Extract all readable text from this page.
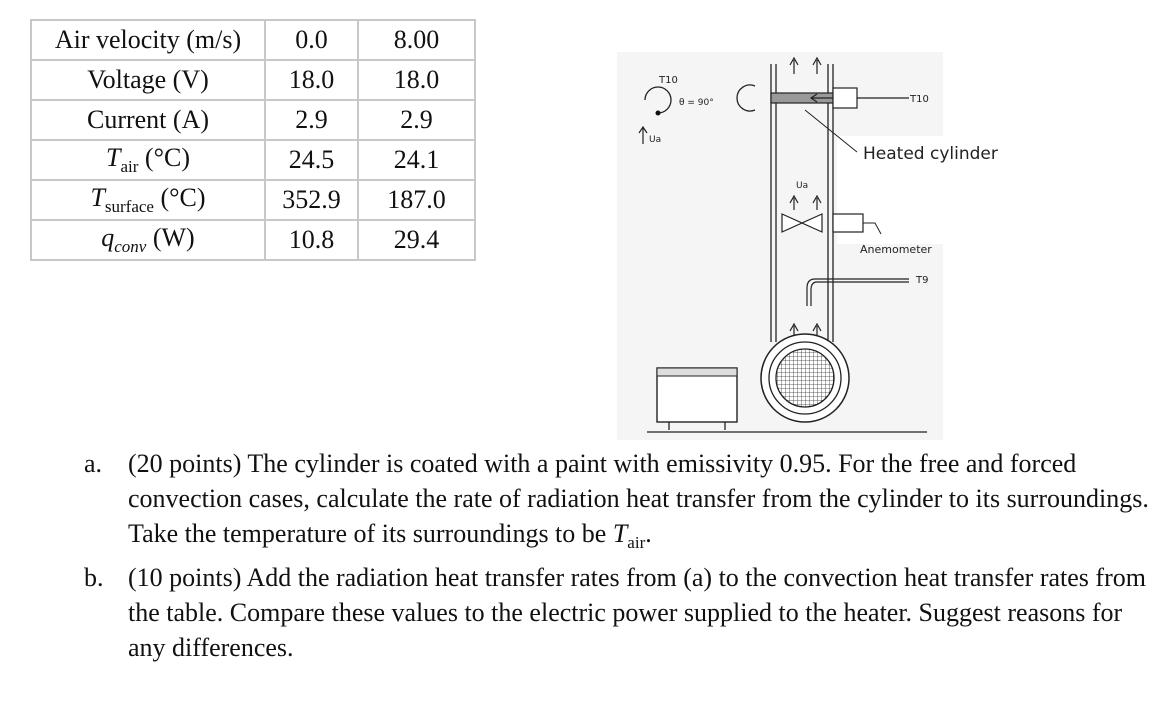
Air velocity (m/s)	0.0	8.00
Voltage (V)	18.0	18.0
Current (A)	2.9	2.9
$T_{air}$ (°C)	24.5	24.1
$T_{surface}$ (°C)	352.9	187.0
$q_{conv}$ (W)	10.8	29.4
T10
θ = 90°
Ua
T10
Heated cylinder
Ua
Anemometer
T9
a. (20 points) The cylinder is coated with a paint with emissivity 0.95. For the free and forced convection cases, calculate the rate of radiation heat transfer from the cylinder to its surroundings. Take the temperature of its surroundings to be $T_{air}$.
b. (10 points) Add the radiation heat transfer rates from (a) to the convection heat transfer rates from the table. Compare these values to the electric power supplied to the heater. Suggest reasons for any differences.
